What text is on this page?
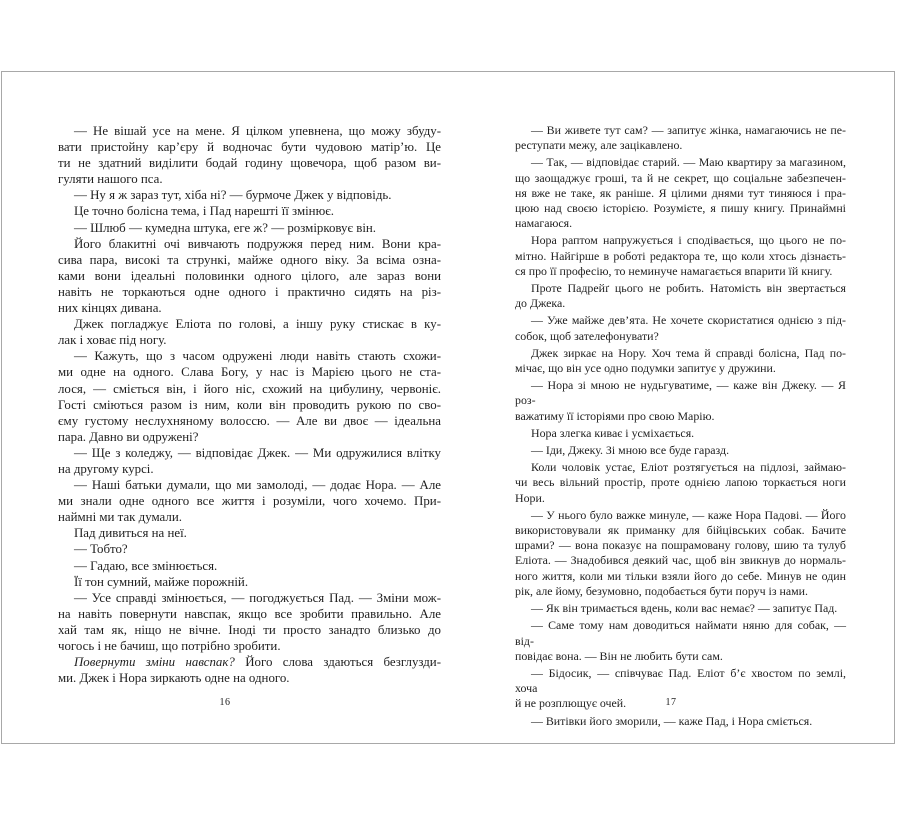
— Не вішай усе на мене. Я цілком упевнена, що можу збуду-
вати пристойну кар’єру й водночас бути чудовою матір’ю. Це
ти не здатний виділити бодай годину щовечора, щоб разом ви-
гуляти нашого пса.
— Ну я ж зараз тут, хіба ні? — бурмоче Джек у відповідь.
Це точно болісна тема, і Пад нарешті її змінює.
— Шлюб — кумедна штука, еге ж? — розмірковує він.
Його блакитні очі вивчають подружжя перед ним. Вони кра-
сива пара, високі та стрункі, майже одного віку. За всіма озна-
ками вони ідеальні половинки одного цілого, але зараз вони
навіть не торкаються одне одного і практично сидять на різ-
них кінцях дивана.
Джек погладжує Еліота по голові, а іншу руку стискає в ку-
лак і ховає під ногу.
— Кажуть, що з часом одружені люди навіть стають схожи-
ми одне на одного. Слава Богу, у нас із Марією цього не ста-
лося, — сміється він, і його ніс, схожий на цибулину, червоніє.
Гості сміються разом із ним, коли він проводить рукою по сво-
єму густому неслухняному волоссю. — Але ви двоє — ідеальна
пара. Давно ви одружені?
— Ще з коледжу, — відповідає Джек. — Ми одружилися влітку
на другому курсі.
— Наші батьки думали, що ми замолоді, — додає Нора. — Але
ми знали одне одного все життя і розуміли, чого хочемо. При-
наймні ми так думали.
Пад дивиться на неї.
— Тобто?
— Гадаю, все змінюється.
Її тон сумний, майже порожній.
— Усе справді змінюється, — погоджується Пад. — Зміни мож-
на навіть повернути навспак, якщо все зробити правильно. Але
хай там як, ніщо не вічне. Іноді ти просто занадто близько до
чогось і не бачиш, що потрібно зробити.
Повернути зміни навспак? Його слова здаються безглузди-
ми. Джек і Нора зиркають одне на одного.
16
— Ви живете тут сам? — запитує жінка, намагаючись не пе-
реступати межу, але зацікавлено.
— Так, — відповідає старий. — Маю квартиру за магазином,
що заощаджує гроші, та й не секрет, що соціальне забезпечен-
ня вже не таке, як раніше. Я цілими днями тут тиняюся і пра-
цюю над своєю історією. Розумієте, я пишу книгу. Принаймні
намагаюся.
Нора раптом напружується і сподівається, що цього не по-
мітно. Найгірше в роботі редактора те, що коли хтось дізнаєть-
ся про її професію, то неминуче намагається впарити їй книгу.
Проте Падрейґ цього не робить. Натомість він звертається
до Джека.
— Уже майже дев’ята. Не хочете скористатися однією з під-
собок, щоб зателефонувати?
Джек зиркає на Нору. Хоч тема й справді болісна, Пад по-
мічає, що він усе одно подумки запитує у дружини.
— Нора зі мною не нудьгуватиме, — каже він Джеку. — Я роз-
важатиму її історіями про свою Марію.
Нора злегка киває і усміхається.
— Іди, Джеку. Зі мною все буде гаразд.
Коли чоловік устає, Еліот розтягується на підлозі, займаю-
чи весь вільний простір, проте однією лапою торкається ноги
Нори.
— У нього було важке минуле, — каже Нора Падові. — Його
використовували як приманку для бійцівських собак. Бачите
шрами? — вона показує на пошрамовану голову, шию та тулуб
Еліота. — Знадобився деякий час, щоб він звикнув до нормаль-
ного життя, коли ми тільки взяли його до себе. Минув не один
рік, але йому, безумовно, подобається бути поруч із нами.
— Як він тримається вдень, коли вас немає? — запитує Пад.
— Саме тому нам доводиться наймати няню для собак, — від-
повідає вона. — Він не любить бути сам.
— Бідосик, — співчуває Пад. Еліот б’є хвостом по землі, хоча
й не розплющує очей.
— Витівки його зморили, — каже Пад, і Нора сміється.
17
